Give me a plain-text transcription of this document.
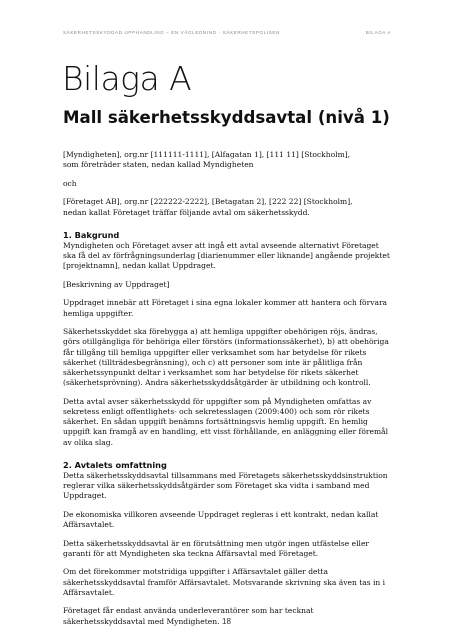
SÄKERHETSSKYDDAD UPPHANDLING – EN VÄGLEDNING · SÄKERHETSPOLISEN	BILAGA A
Bilaga A
Mall säkerhetsskyddsavtal (nivå 1)

[Myndigheten], org.nr [111111-1111], [Alfagatan 1], [111 11] [Stockholm],
som företräder staten, nedan kallad Myndigheten

och

[Företaget AB], org.nr [222222-2222], [Betagatan 2], [222 22] [Stockholm],
nedan kallat Företaget träffar följande avtal om säkerhetsskydd.

1. Bakgrund

Myndigheten och Företaget avser att ingå ett avtal avseende alternativt Företaget ska få del av förfrågningsunderlag [diarienummer eller liknande] angående projektet [projektnamn], nedan kallat Uppdraget.

[Beskrivning av Uppdraget]

Uppdraget innebär att Företaget i sina egna lokaler kommer att hantera och förvara hemliga uppgifter.

Säkerhetsskyddet ska förebygga a) att hemliga uppgifter obehörigen röjs, ändras, görs otillgängliga för behöriga eller förstörs (informationssäkerhet), b) att obehöriga får tillgång till hemliga uppgifter eller verksamhet som har betydelse för rikets säkerhet (tillträdesbegränsning), och c) att personer som inte är pålitliga från säkerhetssynpunkt deltar i verksamhet som har betydelse för rikets säkerhet (säkerhetsprövning). Andra säkerhetsskyddsåtgärder är utbildning och kontroll.

Detta avtal avser säkerhetsskydd för uppgifter som på Myndigheten omfattas av sekretess enligt offentlighets- och sekretesslagen (2009:400) och som rör rikets säkerhet. En sådan uppgift benämns fortsättningsvis hemlig uppgift. En hemlig uppgift kan framgå av en handling, ett visst förhållande, en anläggning eller föremål av olika slag.

2. Avtalets omfattning

Detta säkerhetsskyddsavtal tillsammans med Företagets säkerhetsskyddsinstruktion reglerar vilka säkerhetsskyddsåtgärder som Företaget ska vidta i samband med Uppdraget.

De ekonomiska villkoren avseende Uppdraget regleras i ett kontrakt, nedan kallat Affärsavtalet.

Detta säkerhetsskyddsavtal är en förutsättning men utgör ingen utfästelse eller garanti för att Myndigheten ska teckna Affärsavtal med Företaget.

Om det förekommer motstridiga uppgifter i Affärsavtalet gäller detta säkerhetsskyddsavtal framför Affärsavtalet. Motsvarande skrivning ska även tas in i Affärsavtalet.

Företaget får endast använda underleverantörer som har tecknat säkerhetsskyddsavtal med Myndigheten. 18
